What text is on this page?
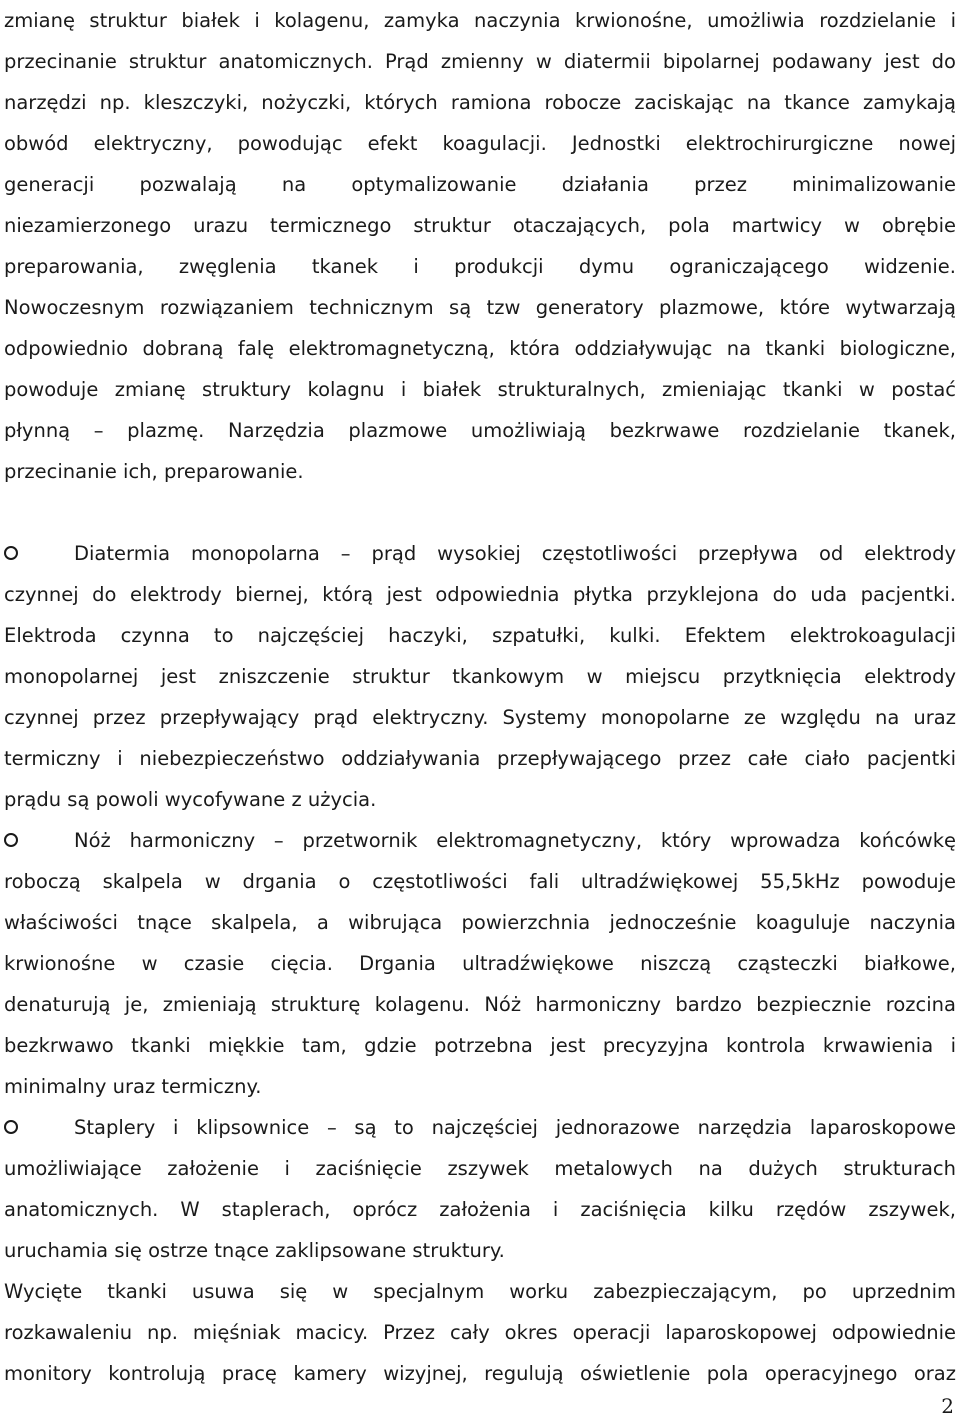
zmianę struktur białek i kolagenu, zamyka naczynia krwionośne, umożliwia rozdzielanie i
przecinanie struktur anatomicznych. Prąd zmienny w diatermii bipolarnej podawany jest do
narzędzi np. kleszczyki, nożyczki, których ramiona robocze zaciskając na tkance zamykają
obwód elektryczny, powodując efekt koagulacji. Jednostki elektrochirurgiczne nowej
generacji pozwalają na optymalizowanie działania przez minimalizowanie
niezamierzonego urazu termicznego struktur otaczających, pola martwicy w obrębie
preparowania, zwęglenia tkanek i produkcji dymu ograniczającego widzenie.
Nowoczesnym rozwiązaniem technicznym są tzw generatory plazmowe, które wytwarzają
odpowiednio dobraną falę elektromagnetyczną, która oddziaływując na tkanki biologiczne,
powoduje zmianę struktury kolagnu i białek strukturalnych, zmieniając tkanki w postać
płynną – plazmę. Narzędzia plazmowe umożliwiają bezkrwawe rozdzielanie tkanek,
przecinanie ich, preparowanie.
Diatermia monopolarna – prąd wysokiej częstotliwości przepływa od elektrody
czynnej do elektrody biernej, którą jest odpowiednia płytka przyklejona do uda pacjentki.
Elektroda czynna to najczęściej haczyki, szpatułki, kulki. Efektem elektrokoagulacji
monopolarnej jest zniszczenie struktur tkankowym w miejscu przytknięcia elektrody
czynnej przez przepływający prąd elektryczny. Systemy monopolarne ze względu na uraz
termiczny i niebezpieczeństwo oddziaływania przepływającego przez całe ciało pacjentki
prądu są powoli wycofywane z użycia.
Nóż harmoniczny – przetwornik elektromagnetyczny, który wprowadza końcówkę
roboczą skalpela w drgania o częstotliwości fali ultradźwiękowej 55,5kHz powoduje
właściwości tnące skalpela, a wibrująca powierzchnia jednocześnie koaguluje naczynia
krwionośne w czasie cięcia. Drgania ultradźwiękowe niszczą cząsteczki białkowe,
denaturują je, zmieniają strukturę kolagenu. Nóż harmoniczny bardzo bezpiecznie rozcina
bezkrwawo tkanki miękkie tam, gdzie potrzebna jest precyzyjna kontrola krwawienia i
minimalny uraz termiczny.
Staplery i klipsownice – są to najczęściej jednorazowe narzędzia laparoskopowe
umożliwiające założenie i zaciśnięcie zszywek metalowych na dużych strukturach
anatomicznych. W staplerach, oprócz założenia i zaciśnięcia kilku rzędów zszywek,
uruchamia się ostrze tnące zaklipsowane struktury.
Wycięte tkanki usuwa się w specjalnym worku zabezpieczającym, po uprzednim
rozkawaleniu np. mięśniak macicy. Przez cały okres operacji laparoskopowej odpowiednie
monitory kontrolują pracę kamery wizyjnej, regulują oświetlenie pola operacyjnego oraz
2
